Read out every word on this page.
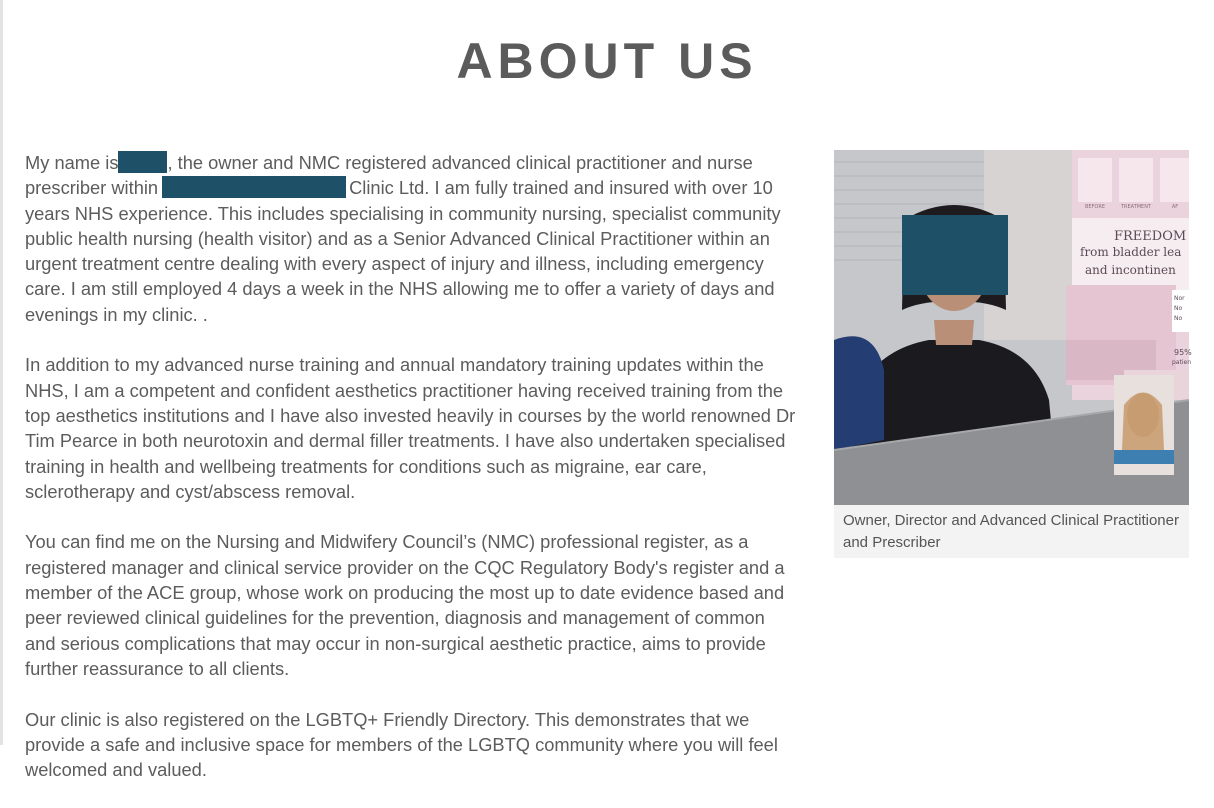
ABOUT US

My name is	, the owner and NMC registered advanced clinical practitioner and nurse prescriber within	Clinic Ltd. I am fully trained and insured with over 10 years NHS experience. This includes specialising in community nursing, specialist community public health nursing (health visitor) and as a Senior Advanced Clinical Practitioner within an urgent treatment centre dealing with every aspect of injury and illness, including emergency care. I am still employed 4 days a week in the NHS allowing me to offer a variety of days and evenings in my clinic. .

In addition to my advanced nurse training and annual mandatory training updates within the NHS, I am a competent and confident aesthetics practitioner having received training from the top aesthetics institutions and I have also invested heavily in courses by the world renowned Dr Tim Pearce in both neurotoxin and dermal filler treatments. I have also undertaken specialised training in health and wellbeing treatments for conditions such as migraine, ear care, sclerotherapy and cyst/abscess removal.

You can find me on the Nursing and Midwifery Council’s (NMC) professional register, as a registered manager and clinical service provider on the CQC Regulatory Body's register and a member of the ACE group, whose work on producing the most up to date evidence based and peer reviewed clinical guidelines for the prevention, diagnosis and management of common and serious complications that may occur in non-surgical aesthetic practice, aims to provide further reassurance to all clients.

Our clinic is also registered on the LGBTQ+ Friendly Directory. This demonstrates that we provide a safe and inclusive space for members of the LGBTQ community where you will feel welcomed and valued.

BEFORE	TREATMENT	AF
FREEDOM
from bladder lea
and incontinen
Nor
No
No
95%
patien
Owner, Director and Advanced Clinical Practitioner and Prescriber
